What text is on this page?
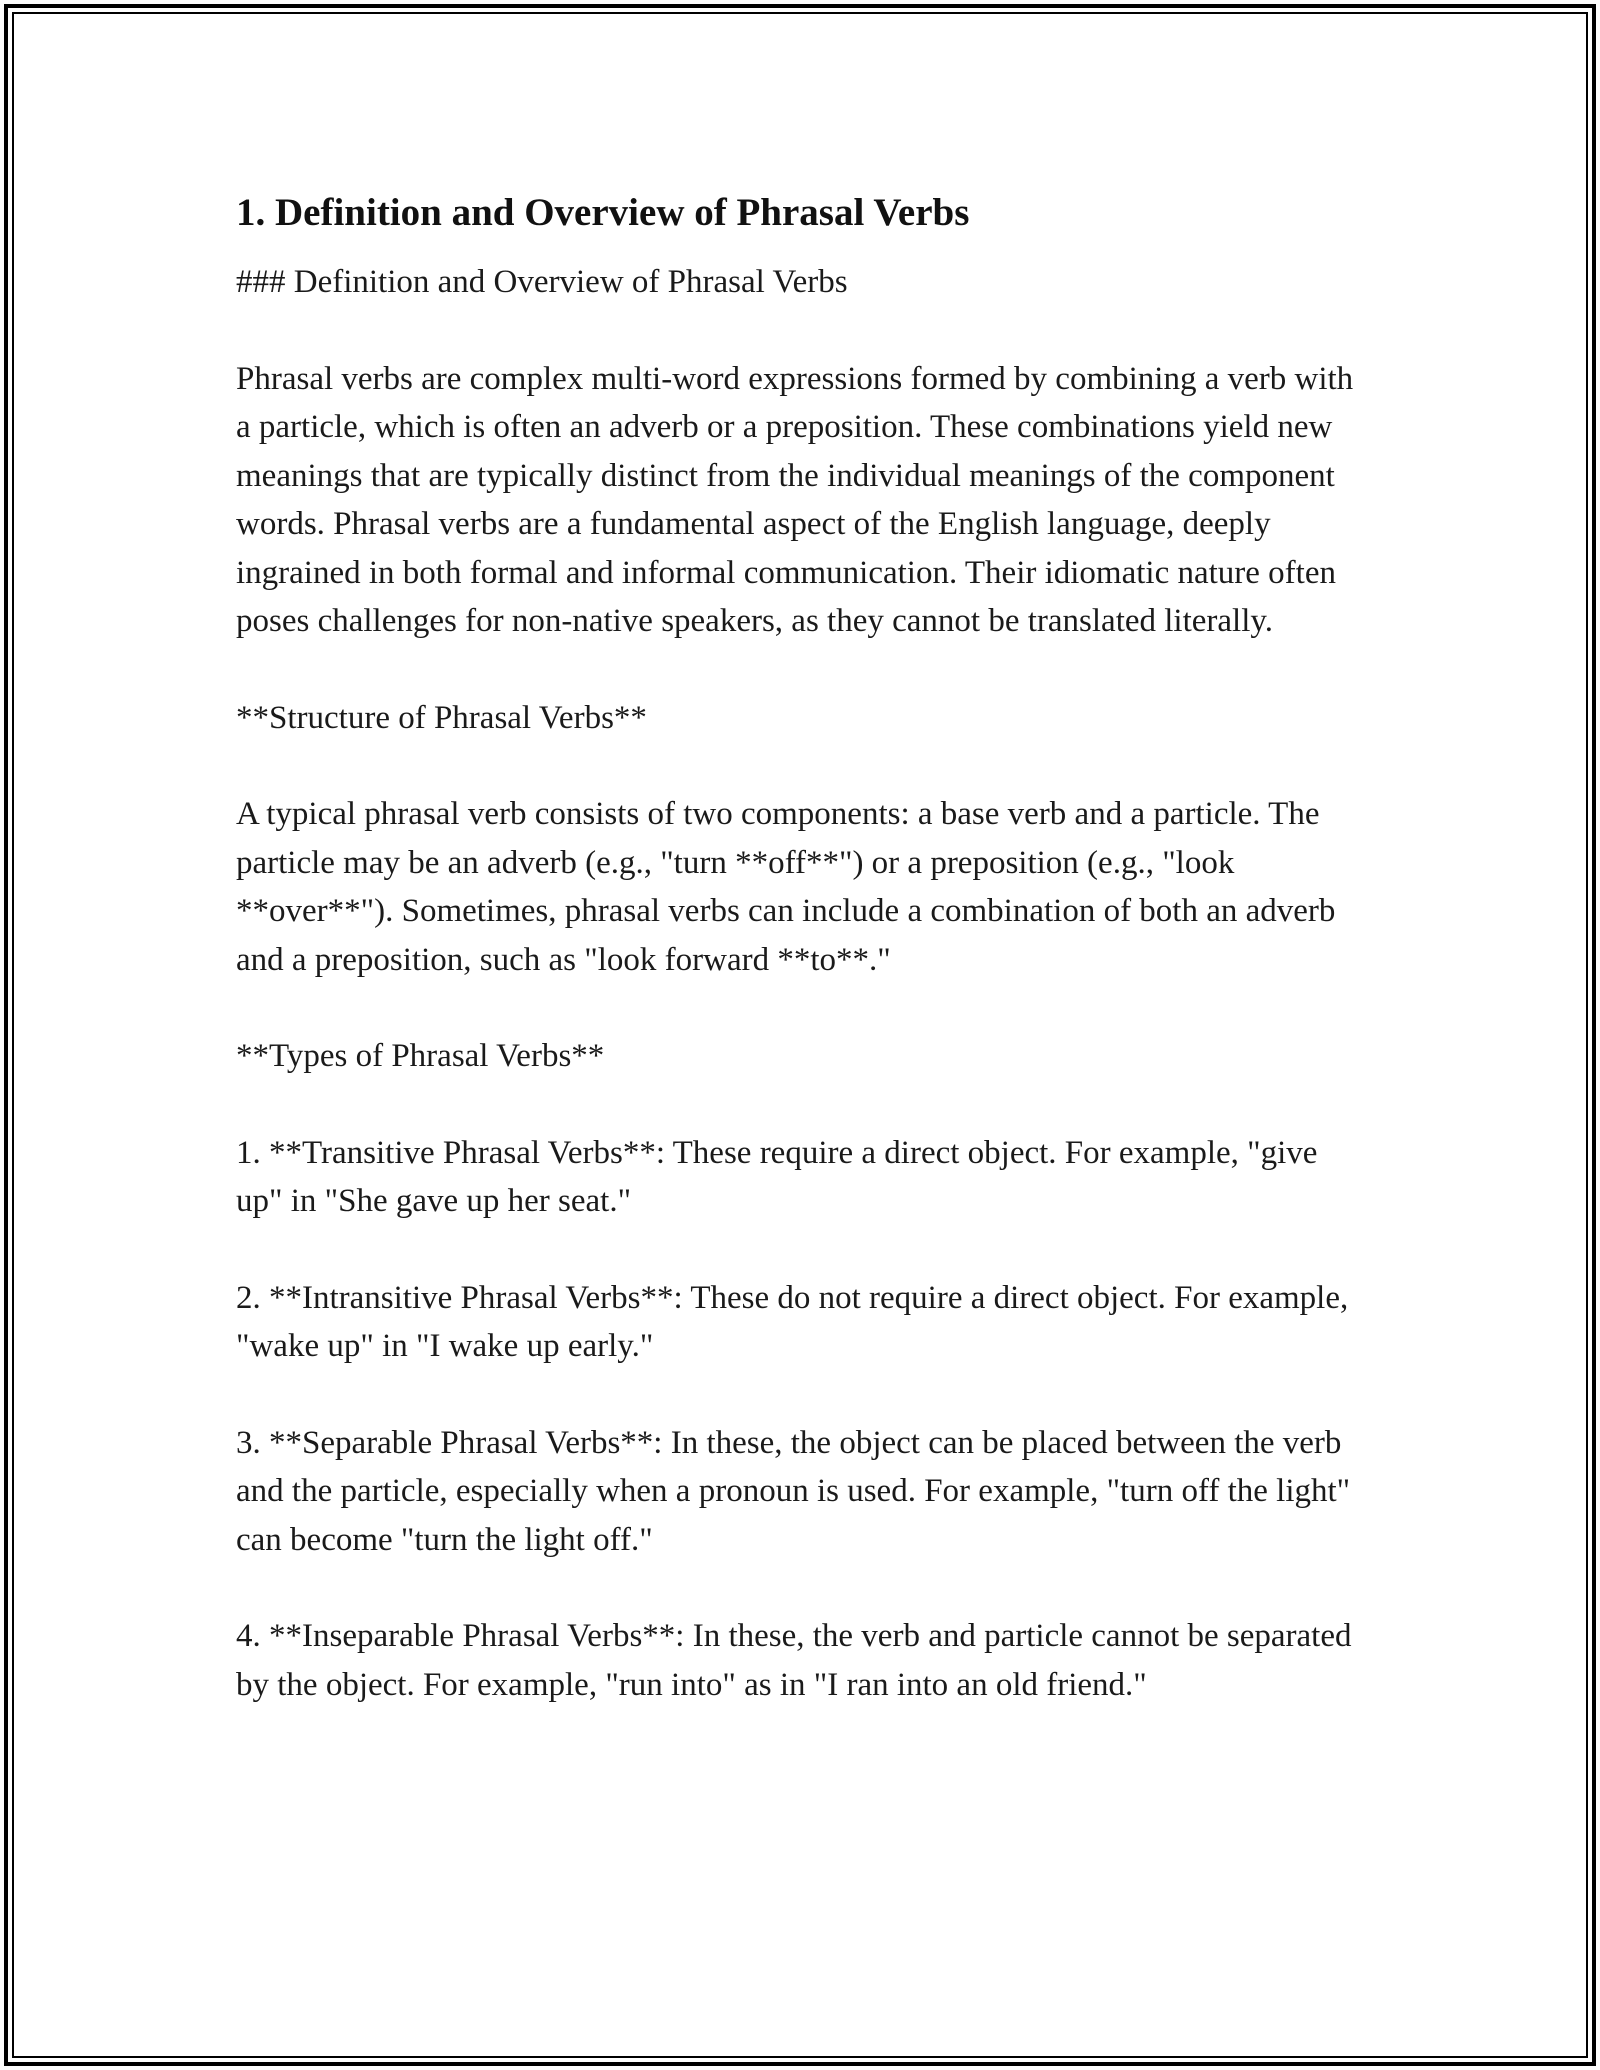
1. Definition and Overview of Phrasal Verbs

### Definition and Overview of Phrasal Verbs

Phrasal verbs are complex multi-word expressions formed by combining a verb with a particle, which is often an adverb or a preposition. These combinations yield new meanings that are typically distinct from the individual meanings of the component words. Phrasal verbs are a fundamental aspect of the English language, deeply ingrained in both formal and informal communication. Their idiomatic nature often poses challenges for non-native speakers, as they cannot be translated literally.

**Structure of Phrasal Verbs**

A typical phrasal verb consists of two components: a base verb and a particle. The particle may be an adverb (e.g., "turn **off**") or a preposition (e.g., "look **over**"). Sometimes, phrasal verbs can include a combination of both an adverb and a preposition, such as "look forward **to**."

**Types of Phrasal Verbs**

1. **Transitive Phrasal Verbs**: These require a direct object. For example, "give up" in "She gave up her seat."

2. **Intransitive Phrasal Verbs**: These do not require a direct object. For example, "wake up" in "I wake up early."

3. **Separable Phrasal Verbs**: In these, the object can be placed between the verb and the particle, especially when a pronoun is used. For example, "turn off the light" can become "turn the light off."

4. **Inseparable Phrasal Verbs**: In these, the verb and particle cannot be separated by the object. For example, "run into" as in "I ran into an old friend."
